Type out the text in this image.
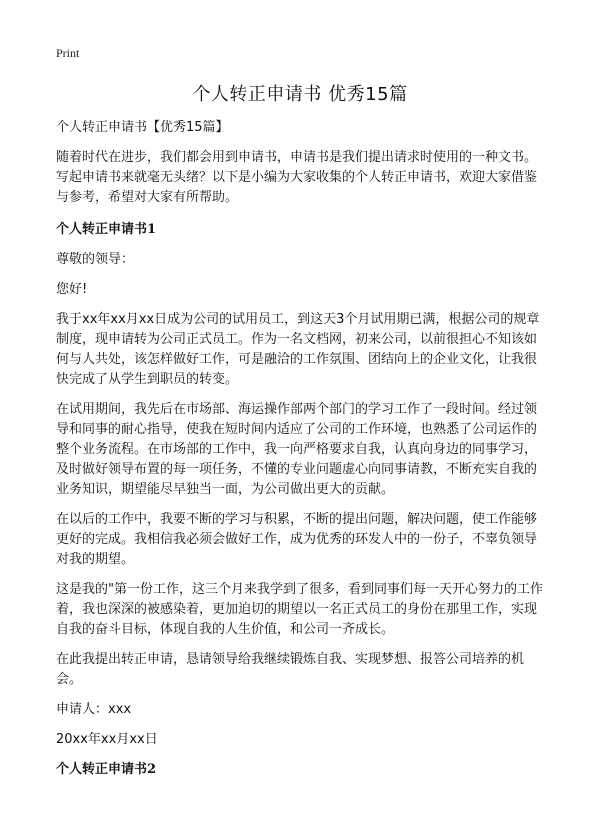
Print
个人转正申请书 优秀15篇

个人转正申请书【优秀15篇】

随着时代在进步，我们都会用到申请书，申请书是我们提出请求时使用的一种文书。写起申请书来就毫无头绪？以下是小编为大家收集的个人转正申请书，欢迎大家借鉴与参考，希望对大家有所帮助。

个人转正申请书1

尊敬的领导：

您好!

我于xx年xx月xx日成为公司的试用员工，到这天3个月试用期已满，根据公司的规章制度，现申请转为公司正式员工。作为一名文档网，初来公司，以前很担心不知该如何与人共处，该怎样做好工作，可是融洽的工作氛围、团结向上的企业文化，让我很快完成了从学生到职员的转变。

在试用期间，我先后在市场部、海运操作部两个部门的学习工作了一段时间。经过领导和同事的耐心指导，使我在短时间内适应了公司的工作环境，也熟悉了公司运作的整个业务流程。在市场部的工作中，我一向严格要求自我，认真向身边的同事学习，及时做好领导布置的每一项任务，不懂的专业问题虚心向同事请教，不断充实自我的业务知识，期望能尽早独当一面，为公司做出更大的贡献。

在以后的工作中，我要不断的学习与积累，不断的提出问题，解决问题，使工作能够更好的完成。我相信我必须会做好工作，成为优秀的环发人中的一份子，不辜负领导对我的期望。

这是我的"第一份工作，这三个月来我学到了很多，看到同事们每一天开心努力的工作着，我也深深的被感染着，更加迫切的期望以一名正式员工的身份在那里工作，实现自我的奋斗目标，体现自我的人生价值，和公司一齐成长。

在此我提出转正申请，恳请领导给我继续锻炼自我、实现梦想、报答公司培养的机会。

申请人：xxx

20xx年xx月xx日

个人转正申请书2
